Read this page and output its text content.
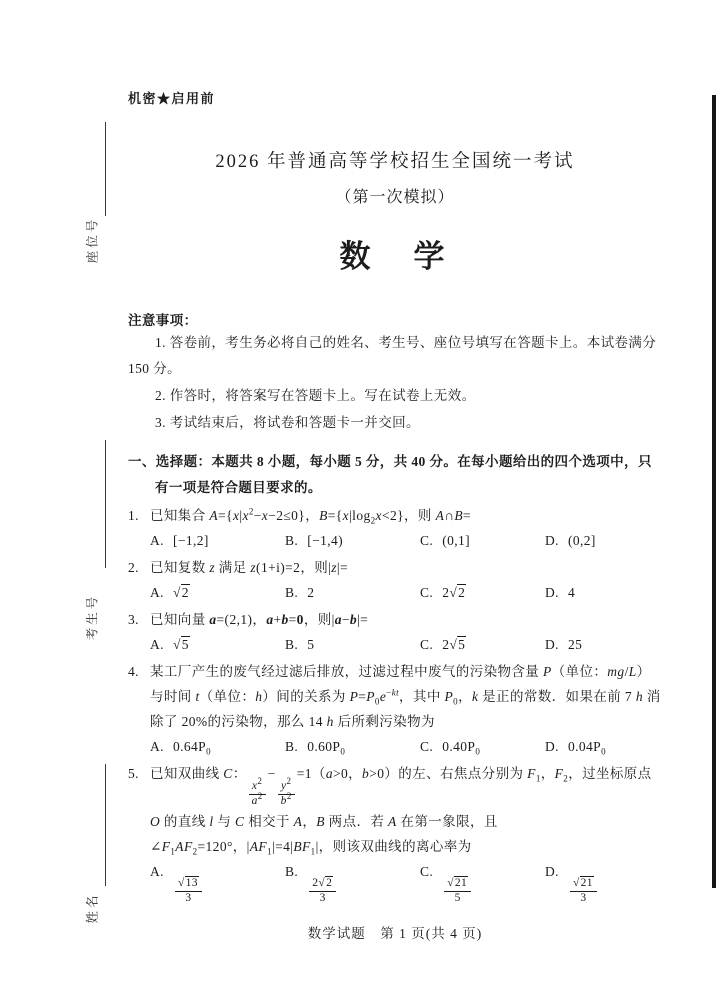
座位号
考生号
姓名
机密★启用前
2026 年普通高等学校招生全国统一考试
（第一次模拟）
数　学
注意事项：

1. 答卷前，考生务必将自己的姓名、考生号、座位号填写在答题卡上。本试卷满分 150 分。

2. 作答时，将答案写在答题卡上。写在试卷上无效。

3. 考试结束后，将试卷和答题卡一并交回。

一、选择题：本题共 8 小题，每小题 5 分，共 40 分。在每小题给出的四个选项中，只有一项是符合题目要求的。
1. 已知集合 $A=\{x|x^2-x-2\le 0\}$，$B=\{x|\log_2x<2\}$，则 A∩B=
A. [−1,2]	B. [−1,4)	C. (0,1]	D. (0,2]
2. 已知复数 z 满足 z(1+i)=2，则|z|=
A. √2	B. 2	C. 2√2	D. 4
3. 已知向量 a=(2,1)，a+b=0，则|a−b|=
A. √5	B. 5	C. 2√5	D. 25
4. 某工厂产生的废气经过滤后排放，过滤过程中废气的污染物含量 P（单位：mg/L）与时间 t（单位：h）间的关系为 $P=P_0e^{-kt}$，其中 $P_0$，k 是正的常数．如果在前 7 h 消除了 20%的污染物，那么 14 h 后所剩污染物为
A. $0.64P_0$	B. $0.60P_0$	C. $0.40P_0$	D. $0.04P_0$
5. 已知双曲线 C：
$\frac{x^2}{a^2}$
−
$\frac{y^2}{b^2}$
=1（a>0，b>0）的左、右焦点分别为 $F_1$，$F_2$，过坐标原点 O 的直线 l 与 C 相交于 A，B 两点．若 A 在第一象限，且$\angle F_1AF_2=120^\circ$，$|AF_1|=4|BF_1|$，则该双曲线的离心率为
A.
$\frac{√13}{3}$
B.
$\frac{2√2}{3}$
C.
$\frac{√21}{5}$
D.
$\frac{√21}{3}$
数学试题　第 1 页(共 4 页)
